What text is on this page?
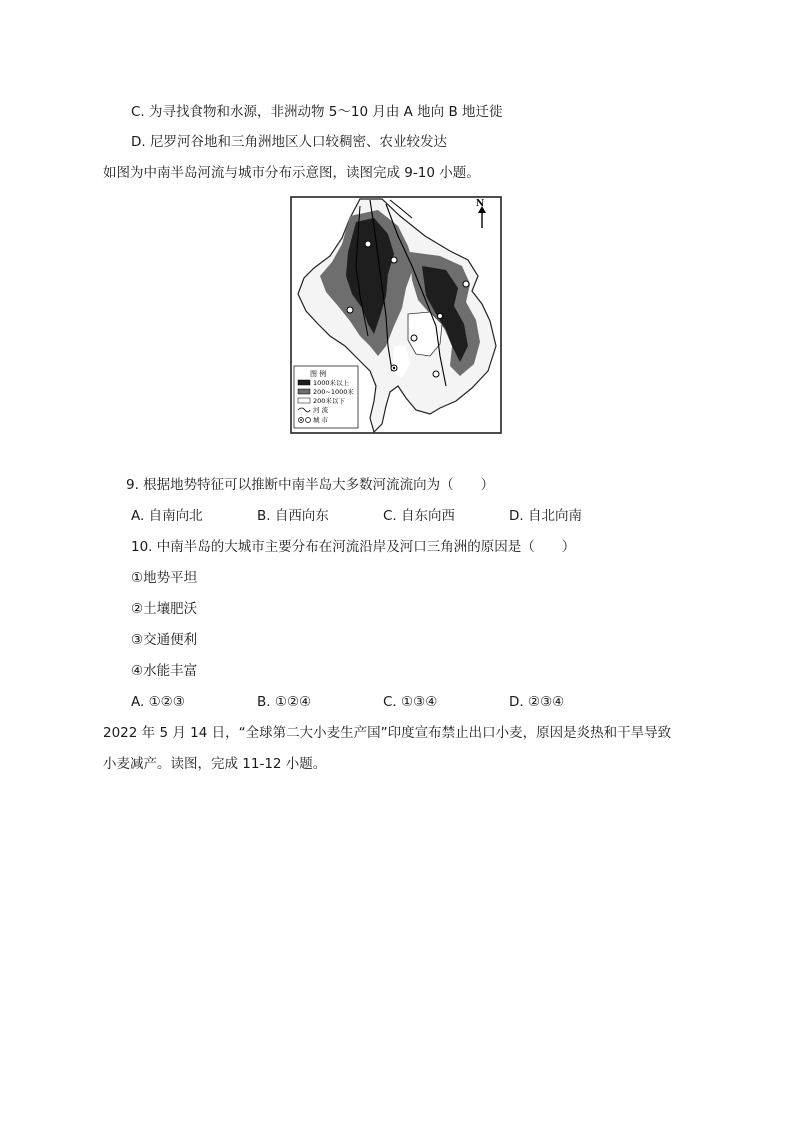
C. 为寻找食物和水源，非洲动物 5～10 月由 A 地向 B 地迁徙
D. 尼罗河谷地和三角洲地区人口较稠密、农业较发达
如图为中南半岛河流与城市分布示意图，读图完成 9-10 小题。
N
图 例
1000米以上
200~1000米
200米以下
河 流
城 市
9. 根据地势特征可以推断中南半岛大多数河流流向为（　　）
A. 自南向北	B. 自西向东	C. 自东向西	D. 自北向南
10. 中南半岛的大城市主要分布在河流沿岸及河口三角洲的原因是（　　）
①地势平坦
②土壤肥沃
③交通便利
④水能丰富
A. ①②③	B. ①②④	C. ①③④	D. ②③④
2022 年 5 月 14 日，“全球第二大小麦生产国”印度宣布禁止出口小麦，原因是炎热和干旱导致
小麦减产。读图，完成 11-12 小题。
